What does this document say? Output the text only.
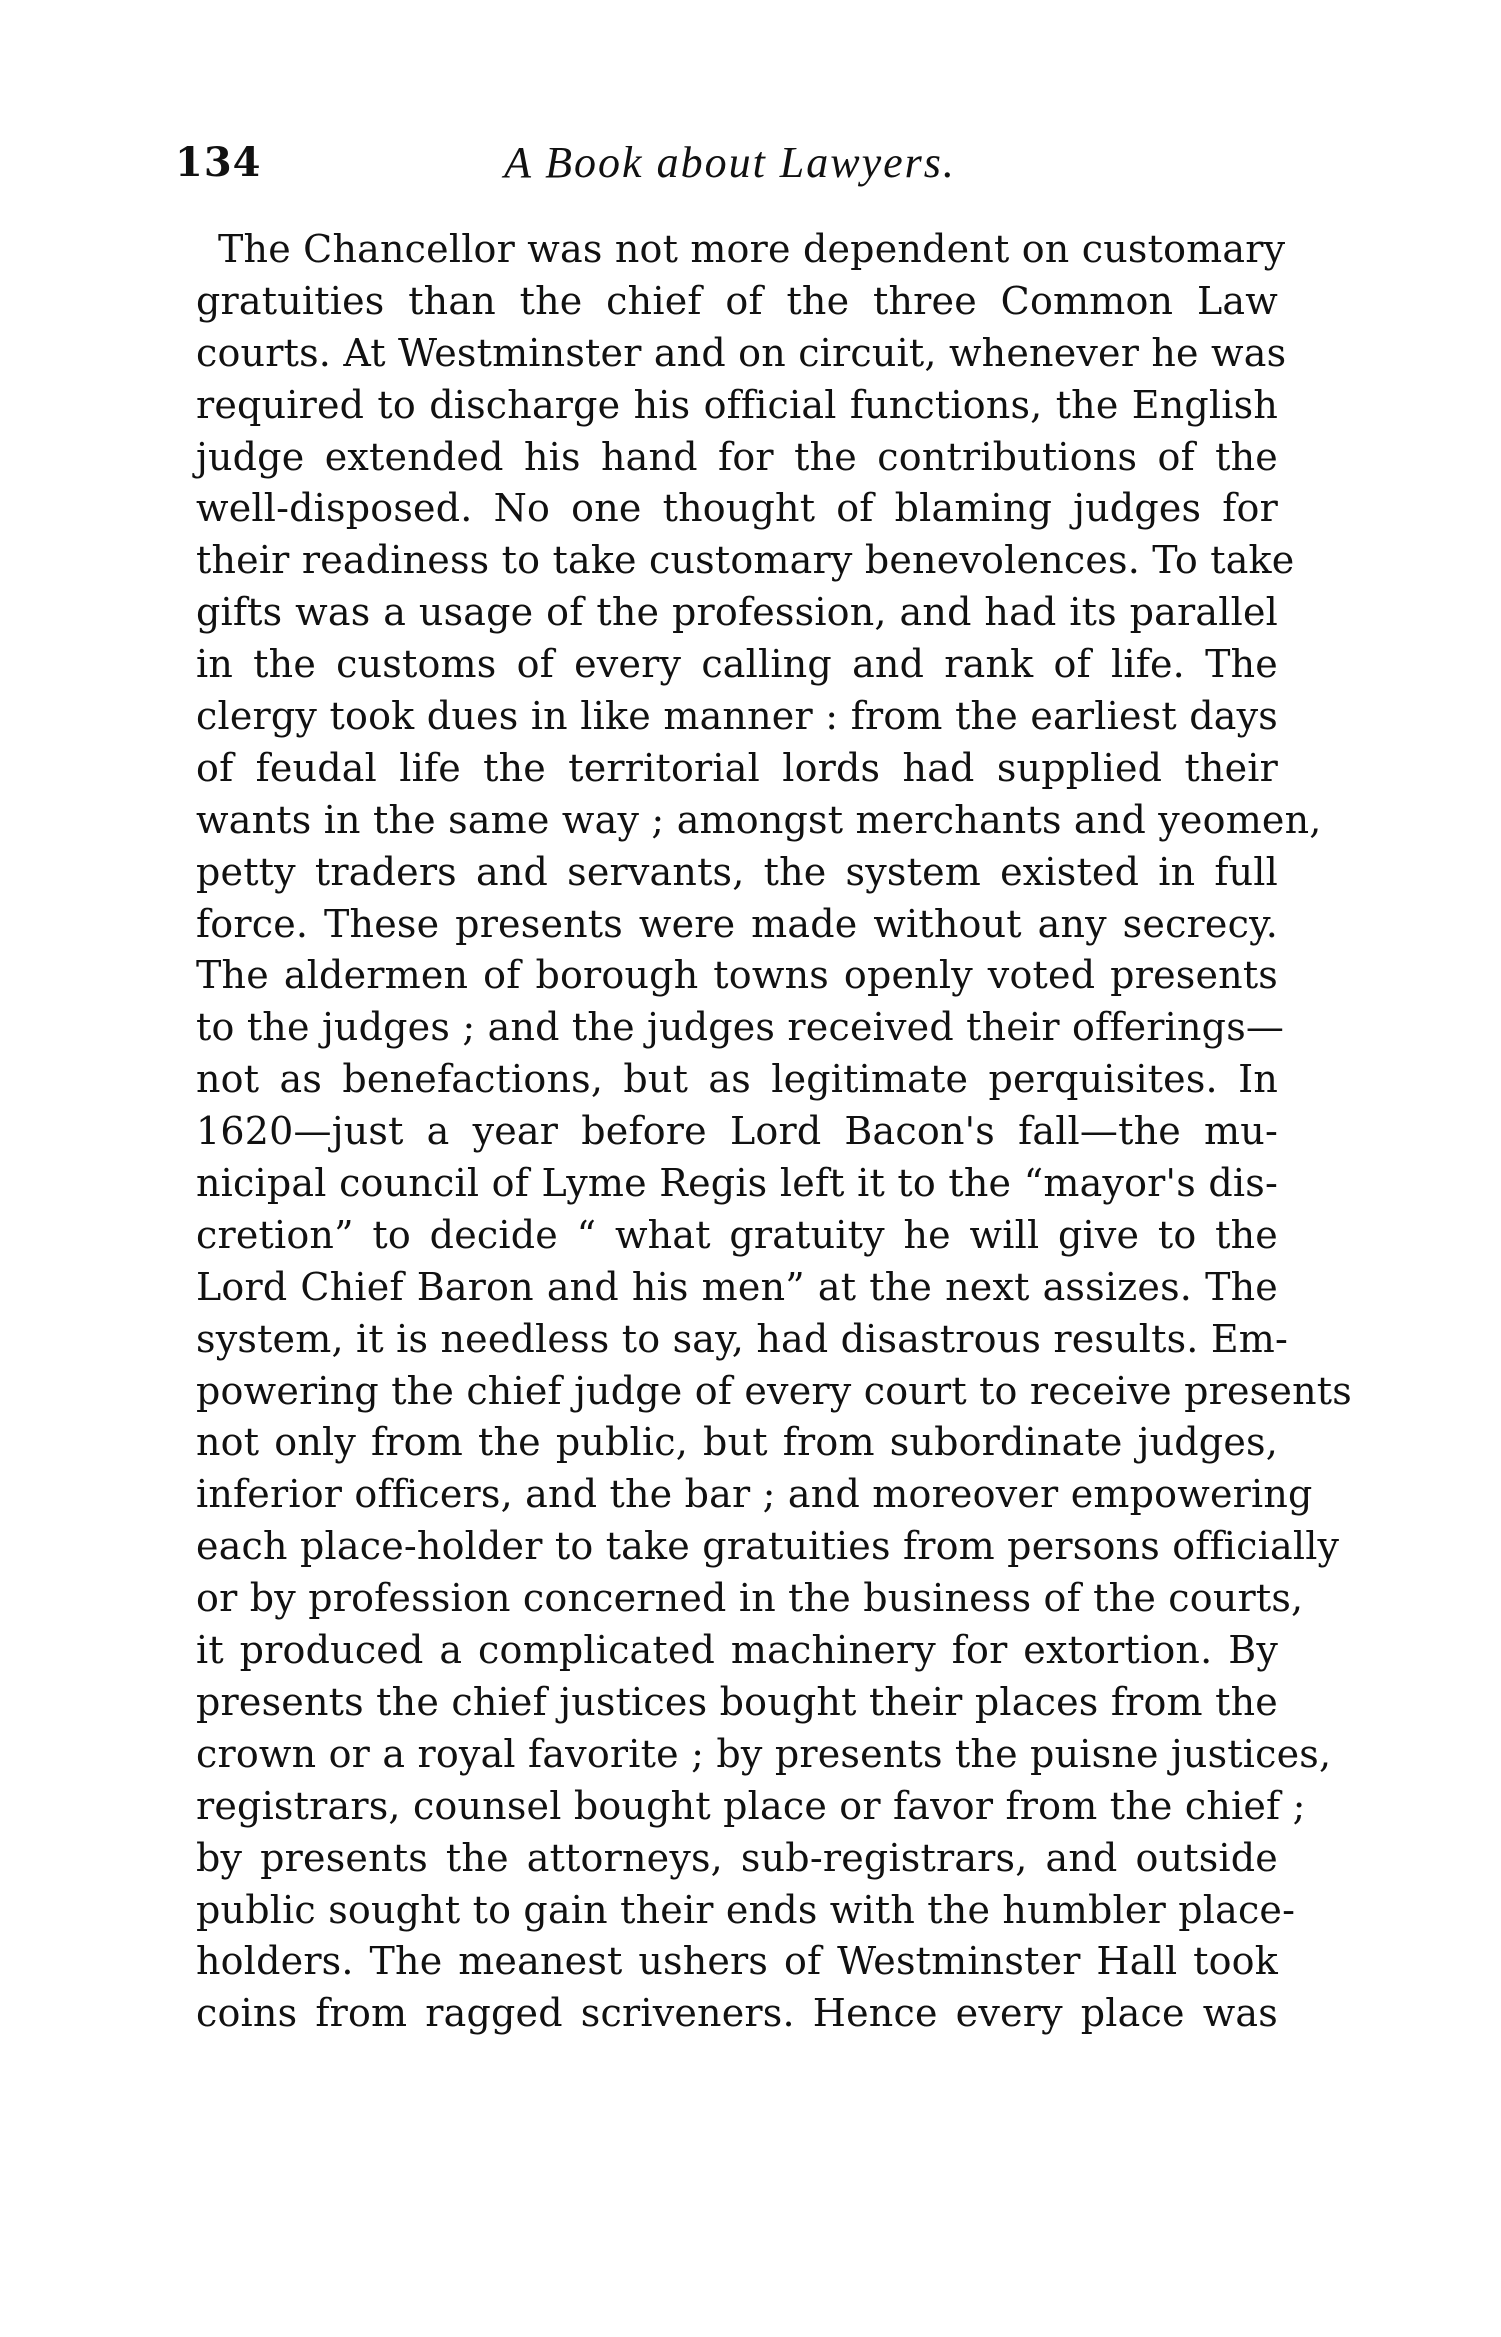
134	A Book about Lawyers.
The Chancellor was not more dependent on customary
gratuities than the chief of the three Common Law
courts. At Westminster and on circuit, whenever he was
required to discharge his official functions, the English
judge extended his hand for the contributions of the
well-disposed. No one thought of blaming judges for
their readiness to take customary benevolences. To take
gifts was a usage of the profession, and had its parallel
in the customs of every calling and rank of life. The
clergy took dues in like manner : from the earliest days
of feudal life the territorial lords had supplied their
wants in the same way ; amongst merchants and yeomen,
petty traders and servants, the system existed in full
force. These presents were made without any secrecy.
The aldermen of borough towns openly voted presents
to the judges ; and the judges received their offerings—
not as benefactions, but as legitimate perquisites. In
1620—just a year before Lord Bacon's fall—the mu-
nicipal council of Lyme Regis left it to the “mayor's dis-
cretion” to decide “ what gratuity he will give to the
Lord Chief Baron and his men” at the next assizes. The
system, it is needless to say, had disastrous results. Em-
powering the chief judge of every court to receive presents
not only from the public, but from subordinate judges,
inferior officers, and the bar ; and moreover empowering
each place-holder to take gratuities from persons officially
or by profession concerned in the business of the courts,
it produced a complicated machinery for extortion. By
presents the chief justices bought their places from the
crown or a royal favorite ; by presents the puisne justices,
registrars, counsel bought place or favor from the chief ;
by presents the attorneys, sub-registrars, and outside
public sought to gain their ends with the humbler place-
holders. The meanest ushers of Westminster Hall took
coins from ragged scriveners. Hence every place was
